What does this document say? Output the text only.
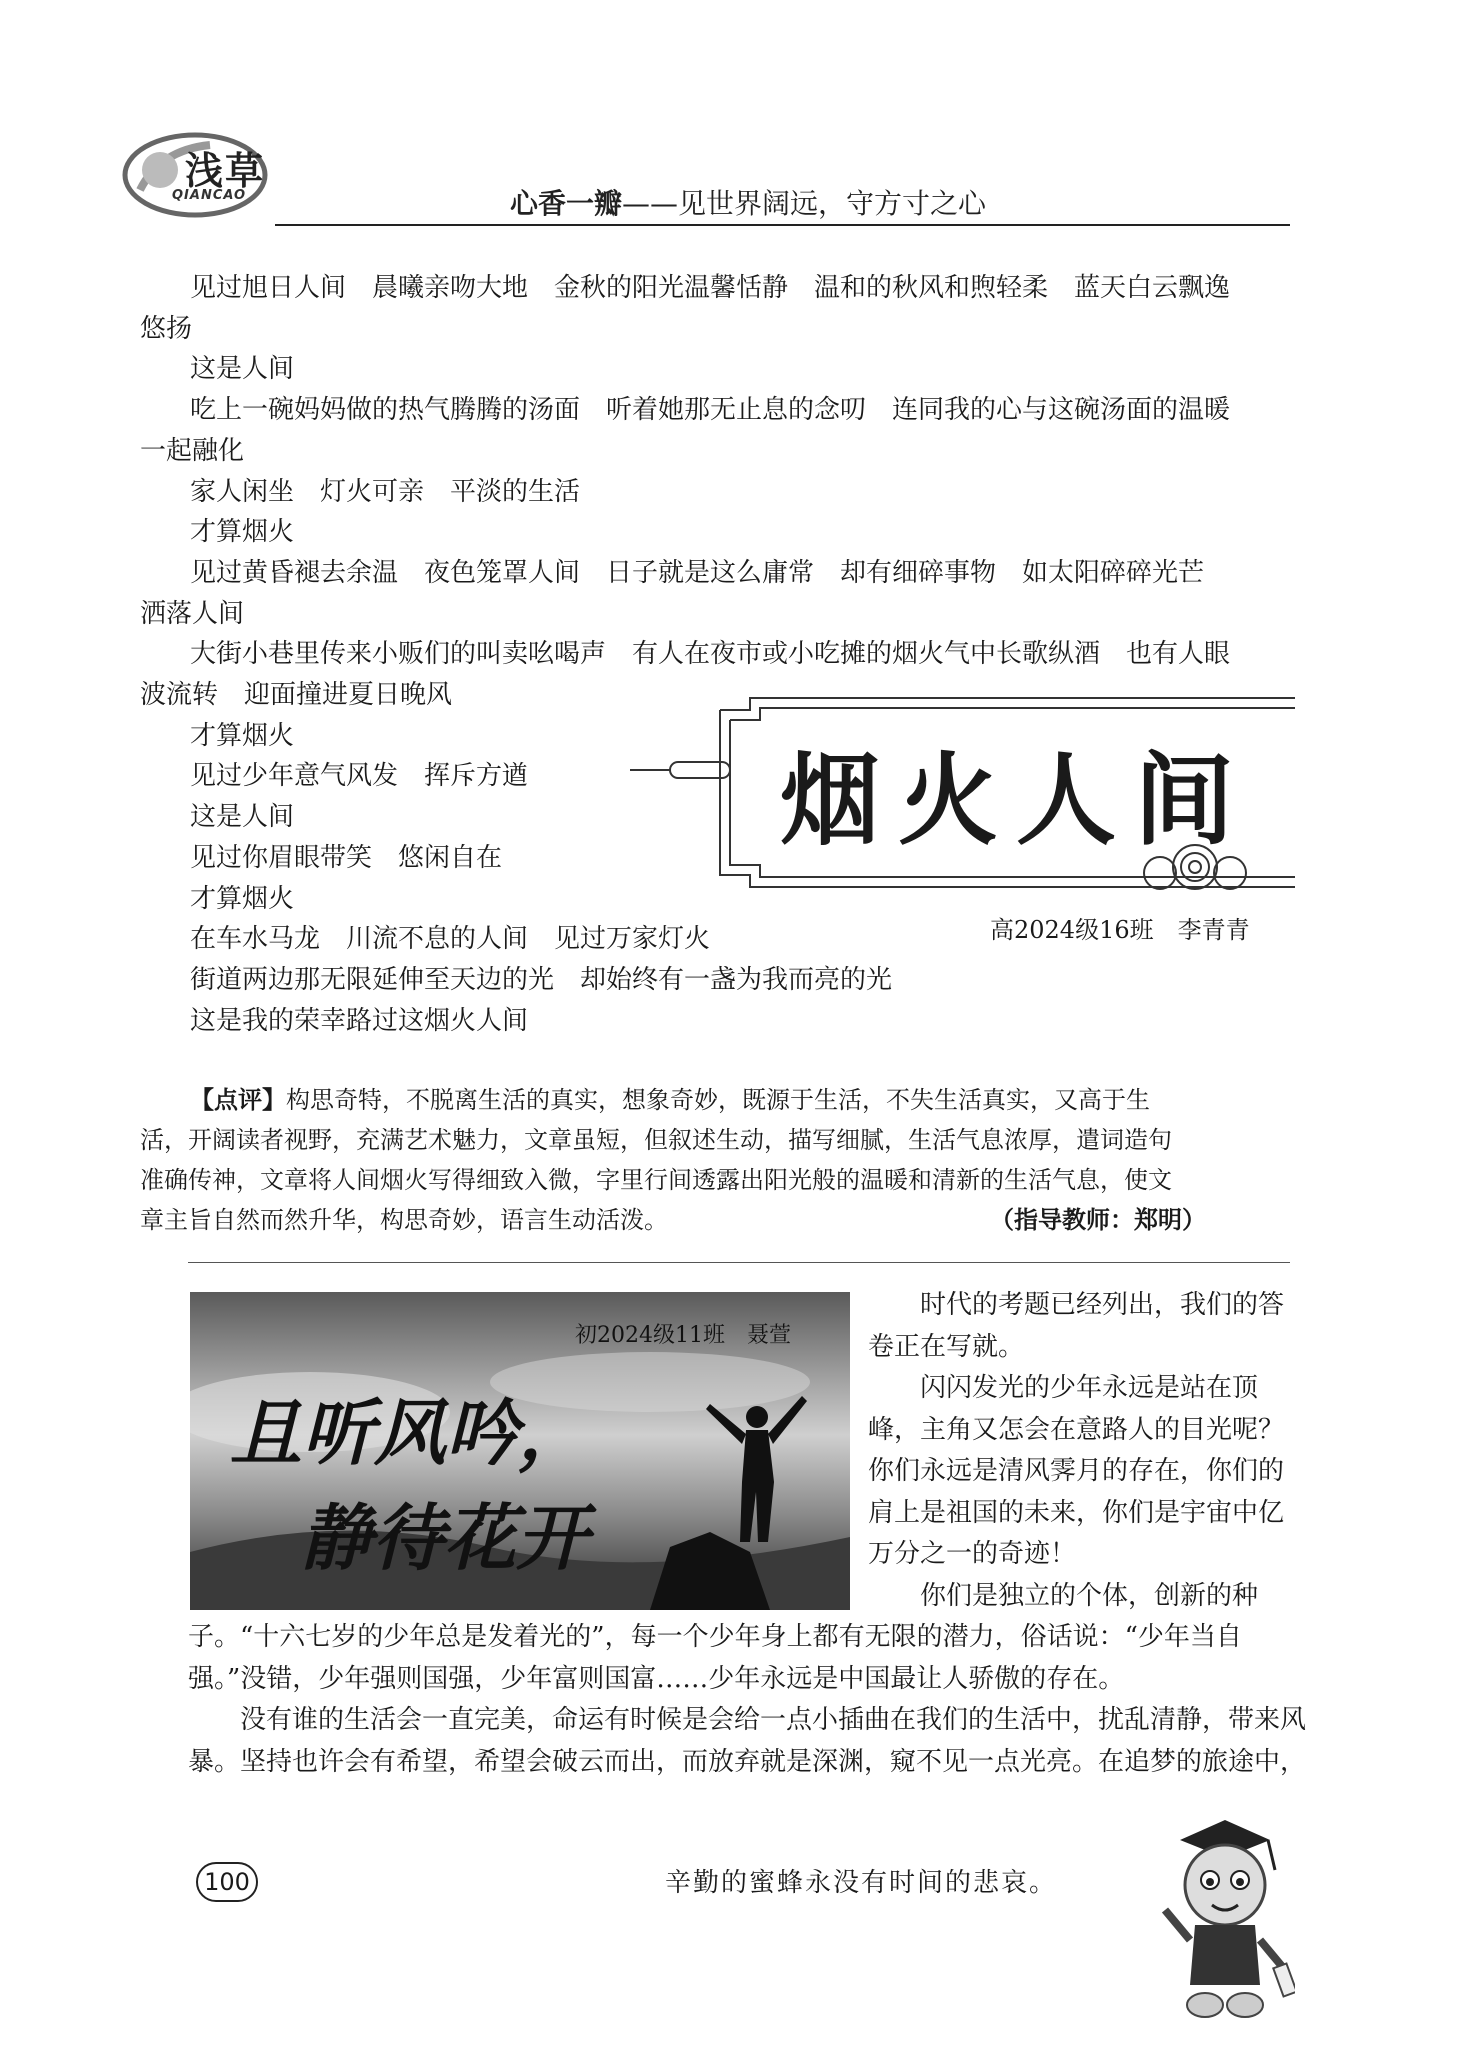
浅草
QIANCAO	心香一瓣——见世界阔远，守方寸之心
见过旭日人间　晨曦亲吻大地　金秋的阳光温馨恬静　温和的秋风和煦轻柔　蓝天白云飘逸
悠扬
这是人间
吃上一碗妈妈做的热气腾腾的汤面　听着她那无止息的念叨　连同我的心与这碗汤面的温暖
一起融化
家人闲坐　灯火可亲　平淡的生活
才算烟火
见过黄昏褪去余温　夜色笼罩人间　日子就是这么庸常　却有细碎事物　如太阳碎碎光芒
洒落人间
大街小巷里传来小贩们的叫卖吆喝声　有人在夜市或小吃摊的烟火气中长歌纵酒　也有人眼
波流转　迎面撞进夏日晚风
才算烟火
见过少年意气风发　挥斥方遒
这是人间
见过你眉眼带笑　悠闲自在
才算烟火
在车水马龙　川流不息的人间　见过万家灯火
街道两边那无限延伸至天边的光　却始终有一盏为我而亮的光
这是我的荣幸路过这烟火人间
烟火人间
高2024级16班　李青青
【点评】构思奇特，不脱离生活的真实，想象奇妙，既源于生活，不失生活真实，又高于生
活，开阔读者视野，充满艺术魅力，文章虽短，但叙述生动，描写细腻，生活气息浓厚，遣词造句
准确传神，文章将人间烟火写得细致入微，字里行间透露出阳光般的温暖和清新的生活气息，使文
章主旨自然而然升华，构思奇妙，语言生动活泼。	（指导教师：郑明）
初2024级11班　聂萱
且听风吟，
静待花开
　　时代的考题已经列出，我们的答
卷正在写就。
　　闪闪发光的少年永远是站在顶
峰，主角又怎会在意路人的目光呢？
你们永远是清风霁月的存在，你们的
肩上是祖国的未来，你们是宇宙中亿
万分之一的奇迹！
　　你们是独立的个体，创新的种
子。“十六七岁的少年总是发着光的”，每一个少年身上都有无限的潜力，俗话说：“少年当自
强。”没错，少年强则国强，少年富则国富……少年永远是中国最让人骄傲的存在。
　　没有谁的生活会一直完美，命运有时候是会给一点小插曲在我们的生活中，扰乱清静，带来风
暴。坚持也许会有希望，希望会破云而出，而放弃就是深渊，窥不见一点光亮。在追梦的旅途中，
100	辛勤的蜜蜂永没有时间的悲哀。
